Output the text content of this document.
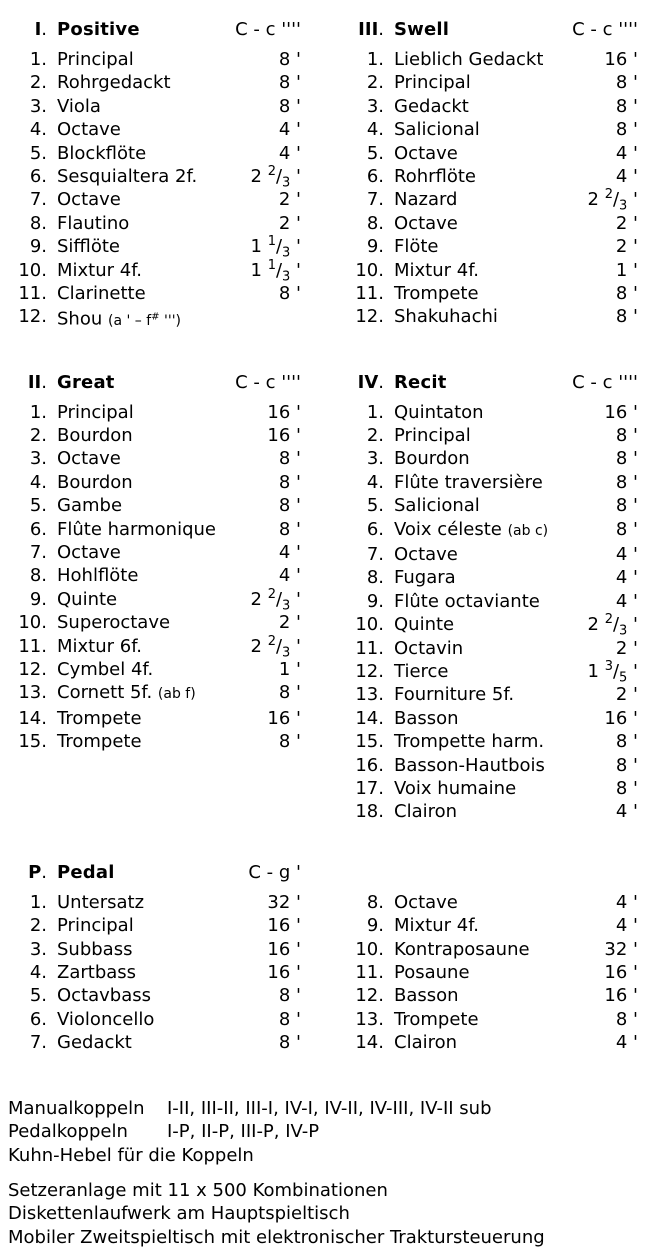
I. Positive	C - c ''''
1. Principal	8 '
2. Rohrgedackt	8 '
3. Viola	8 '
4. Octave	4 '
5. Blockflöte	4 '
6. Sesquialtera 2f.	2 $^2/_3$ '
7. Octave	2 '
8. Flautino	2 '
9. Sifflöte	1 $^1/_3$ '
10. Mixtur 4f.	1 $^1/_3$ '
11. Clarinette	8 '
12. Shou (a ' – f# ''')
III. Swell	C - c ''''
1. Lieblich Gedackt	16 '
2. Principal	8 '
3. Gedackt	8 '
4. Salicional	8 '
5. Octave	4 '
6. Rohrflöte	4 '
7. Nazard	2 $^2/_3$ '
8. Octave	2 '
9. Flöte	2 '
10. Mixtur 4f.	1 '
11. Trompete	8 '
12. Shakuhachi	8 '
II. Great	C - c ''''
1. Principal	16 '
2. Bourdon	16 '
3. Octave	8 '
4. Bourdon	8 '
5. Gambe	8 '
6. Flûte harmonique	8 '
7. Octave	4 '
8. Hohlflöte	4 '
9. Quinte	2 $^2/_3$ '
10. Superoctave	2 '
11. Mixtur 6f.	2 $^2/_3$ '
12. Cymbel 4f.	1 '
13. Cornett 5f. (ab f)	8 '
14. Trompete	16 '
15. Trompete	8 '
IV. Recit	C - c ''''
1. Quintaton	16 '
2. Principal	8 '
3. Bourdon	8 '
4. Flûte traversière	8 '
5. Salicional	8 '
6. Voix céleste (ab c)	8 '
7. Octave	4 '
8. Fugara	4 '
9. Flûte octaviante	4 '
10. Quinte	2 $^2/_3$ '
11. Octavin	2 '
12. Tierce	1 $^3/_5$ '
13. Fourniture 5f.	2 '
14. Basson	16 '
15. Trompette harm.	8 '
16. Basson-Hautbois	8 '
17. Voix humaine	8 '
18. Clairon	4 '
P. Pedal	C - g '
1. Untersatz	32 '
2. Principal	16 '
3. Subbass	16 '
4. Zartbass	16 '
5. Octavbass	8 '
6. Violoncello	8 '
7. Gedackt	8 '
8. Octave	4 '
9. Mixtur 4f.	4 '
10. Kontraposaune	32 '
11. Posaune	16 '
12. Basson	16 '
13. Trompete	8 '
14. Clairon	4 '
Manualkoppeln	I-II, III-II, III-I, IV-I, IV-II, IV-III, IV-II sub
Pedalkoppeln	I-P, II-P, III-P, IV-P
Kuhn-Hebel für die Koppeln
Setzeranlage mit 11 x 500 Kombinationen
Diskettenlaufwerk am Hauptspieltisch
Mobiler Zweitspieltisch mit elektronischer Traktursteuerung
